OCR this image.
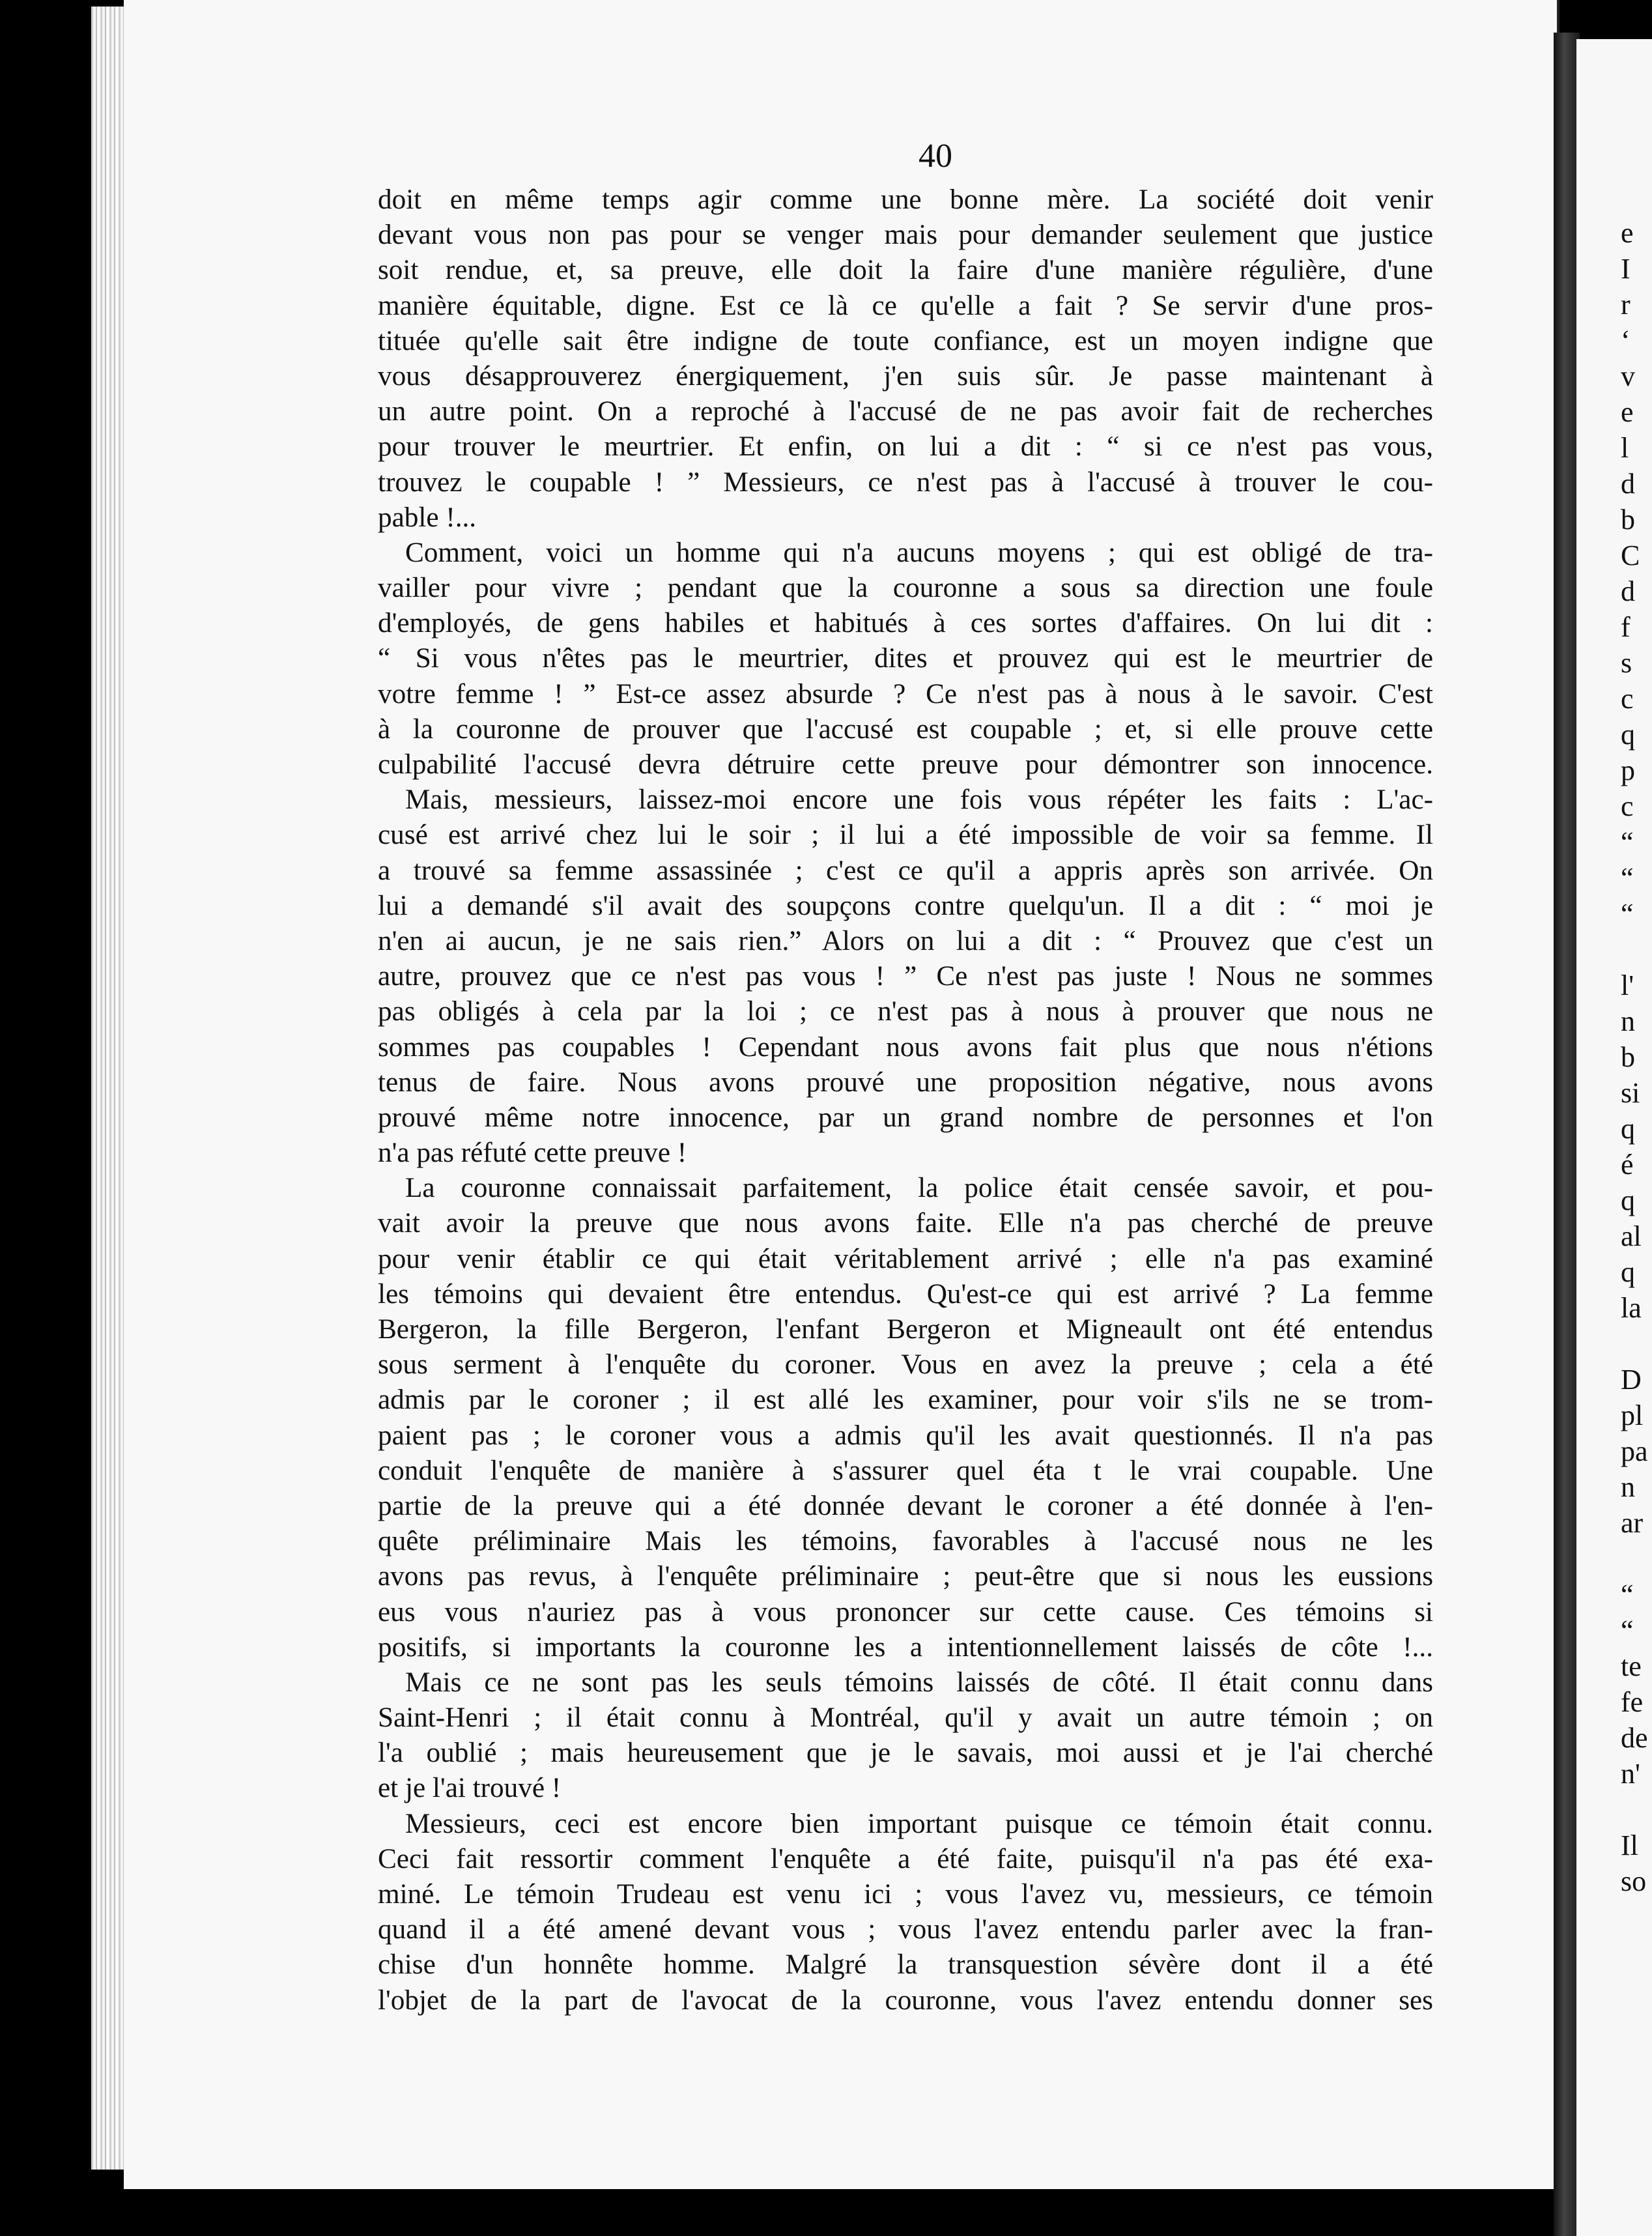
40
doit en même temps agir comme une bonne mère. La société doit venir
devant vous non pas pour se venger mais pour demander seulement que justice
soit rendue, et, sa preuve, elle doit la faire d'une manière régulière, d'une
manière équitable, digne. Est ce là ce qu'elle a fait ? Se servir d'une pros-
tituée qu'elle sait être indigne de toute confiance, est un moyen indigne que
vous désapprouverez énergiquement, j'en suis sûr. Je passe maintenant à
un autre point. On a reproché à l'accusé de ne pas avoir fait de recherches
pour trouver le meurtrier. Et enfin, on lui a dit : “ si ce n'est pas vous,
trouvez le coupable ! ” Messieurs, ce n'est pas à l'accusé à trouver le cou-
pable !...
Comment, voici un homme qui n'a aucuns moyens ; qui est obligé de tra-
vailler pour vivre ; pendant que la couronne a sous sa direction une foule
d'employés, de gens habiles et habitués à ces sortes d'affaires. On lui dit :
“ Si vous n'êtes pas le meurtrier, dites et prouvez qui est le meurtrier de
votre femme ! ” Est-ce assez absurde ? Ce n'est pas à nous à le savoir. C'est
à la couronne de prouver que l'accusé est coupable ; et, si elle prouve cette
culpabilité l'accusé devra détruire cette preuve pour démontrer son innocence.
Mais, messieurs, laissez-moi encore une fois vous répéter les faits : L'ac-
cusé est arrivé chez lui le soir ; il lui a été impossible de voir sa femme. Il
a trouvé sa femme assassinée ; c'est ce qu'il a appris après son arrivée. On
lui a demandé s'il avait des soupçons contre quelqu'un. Il a dit : “ moi je
n'en ai aucun, je ne sais rien.” Alors on lui a dit : “ Prouvez que c'est un
autre, prouvez que ce n'est pas vous ! ” Ce n'est pas juste ! Nous ne sommes
pas obligés à cela par la loi ; ce n'est pas à nous à prouver que nous ne
sommes pas coupables ! Cependant nous avons fait plus que nous n'étions
tenus de faire. Nous avons prouvé une proposition négative, nous avons
prouvé même notre innocence, par un grand nombre de personnes et l'on
n'a pas réfuté cette preuve !
La couronne connaissait parfaitement, la police était censée savoir, et pou-
vait avoir la preuve que nous avons faite. Elle n'a pas cherché de preuve
pour venir établir ce qui était véritablement arrivé ; elle n'a pas examiné
les témoins qui devaient être entendus. Qu'est-ce qui est arrivé ? La femme
Bergeron, la fille Bergeron, l'enfant Bergeron et Migneault ont été entendus
sous serment à l'enquête du coroner. Vous en avez la preuve ; cela a été
admis par le coroner ; il est allé les examiner, pour voir s'ils ne se trom-
paient pas ; le coroner vous a admis qu'il les avait questionnés. Il n'a pas
conduit l'enquête de manière à s'assurer quel éta t le vrai coupable. Une
partie de la preuve qui a été donnée devant le coroner a été donnée à l'en-
quête préliminaire Mais les témoins, favorables à l'accusé nous ne les
avons pas revus, à l'enquête préliminaire ; peut-être que si nous les eussions
eus vous n'auriez pas à vous prononcer sur cette cause. Ces témoins si
positifs, si importants la couronne les a intentionnellement laissés de côte !...
Mais ce ne sont pas les seuls témoins laissés de côté. Il était connu dans
Saint-Henri ; il était connu à Montréal, qu'il y avait un autre témoin ; on
l'a oublié ; mais heureusement que je le savais, moi aussi et je l'ai cherché
et je l'ai trouvé !
Messieurs, ceci est encore bien important puisque ce témoin était connu.
Ceci fait ressortir comment l'enquête a été faite, puisqu'il n'a pas été exa-
miné. Le témoin Trudeau est venu ici ; vous l'avez vu, messieurs, ce témoin
quand il a été amené devant vous ; vous l'avez entendu parler avec la fran-
chise d'un honnête homme. Malgré la transquestion sévère dont il a été
l'objet de la part de l'avocat de la couronne, vous l'avez entendu donner ses
e
I
r
‘
v
e
l
d
b
C
d
f
s
c
q
p
c
“
“
“
l'
n
b
si
q
é
q
al
q
la
D
pl
pa
n
ar
“
“
te
fe
de
n'
Il
so
